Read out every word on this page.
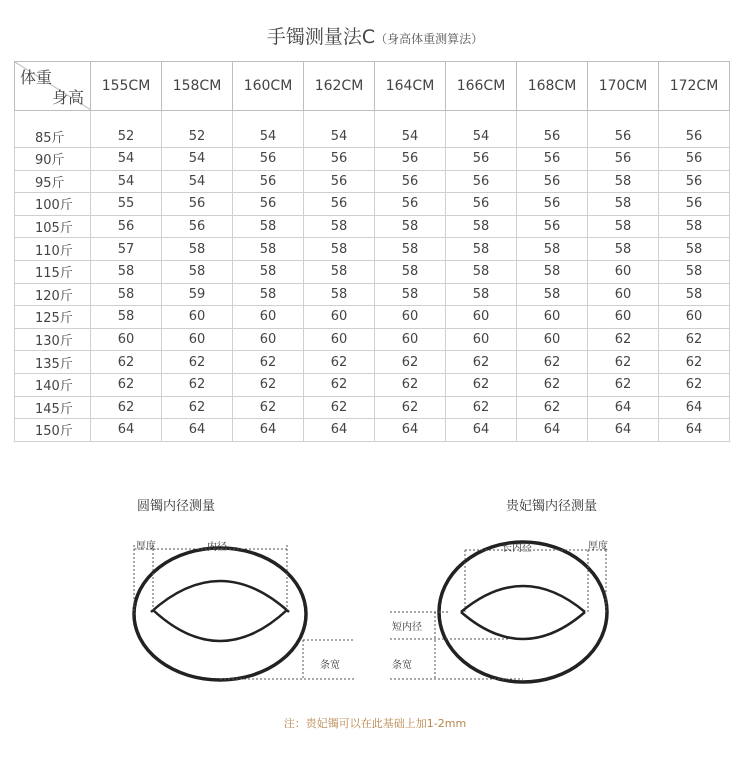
手镯测量法C（身高体重测算法）
体重
身高	155CM	158CM	160CM	162CM	164CM	166CM	168CM	170CM	172CM
85斤	52	52	54	54	54	54	56	56	56
90斤	54	54	56	56	56	56	56	56	56
95斤	54	54	56	56	56	56	56	58	56
100斤	55	56	56	56	56	56	56	58	56
105斤	56	56	58	58	58	58	56	58	58
110斤	57	58	58	58	58	58	58	58	58
115斤	58	58	58	58	58	58	58	60	58
120斤	58	59	58	58	58	58	58	60	58
125斤	58	60	60	60	60	60	60	60	60
130斤	60	60	60	60	60	60	60	62	62
135斤	62	62	62	62	62	62	62	62	62
140斤	62	62	62	62	62	62	62	62	62
145斤	62	62	62	62	62	62	62	64	64
150斤	64	64	64	64	64	64	64	64	64
圆镯内径测量
厚度	内径
条宽
贵妃镯内径测量
长内径	厚度
短内径
条宽
注：贵妃镯可以在此基础上加1-2mm
